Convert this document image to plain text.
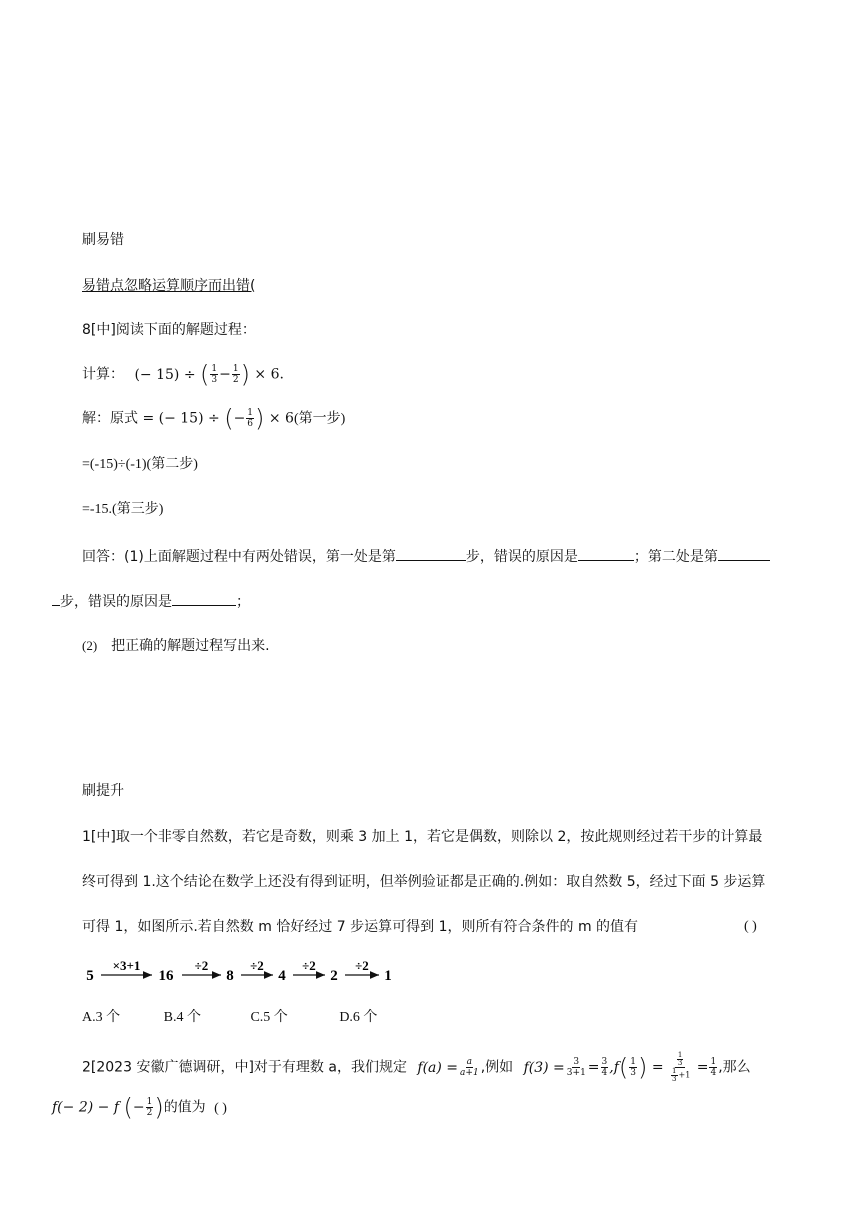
刷易错
易错点忽略运算顺序而出错(
8[中]阅读下面的解题过程：
计算： (− 15) ÷ ( $\frac{1}{3} - \frac{1}{2}$ ) × 6.
解：原式 = (− 15) ÷ (− $\frac{1}{6}$ ) × 6(第一步)
=(-15)÷(-1)(第二步)
=-15.(第三步)
回答：(1)上面解题过程中有两处错误，第一处是第	步，错误的原因是	；第二处是第
步，错误的原因是	；
(2) 把正确的解题过程写出来.
刷提升
1[中]取一个非零自然数，若它是奇数，则乘 3 加上 1，若它是偶数，则除以 2，按此规则经过若干步的计算最
终可得到 1.这个结论在数学上还没有得到证明，但举例验证都是正确的.例如：取自然数 5，经过下面 5 步运算
可得 1，如图所示.若自然数 m 恰好经过 7 步运算可得到 1，则所有符合条件的 m 的值有	( )
5	16	8	4	2	1
×3+1	÷2	÷2	÷2	÷2
A.3 个	B.4 个	C.5 个	D.6 个
2[2023 安徽广德调研，中]对于有理数 a，我们规定 $f(a) = \frac{a}{a+1}$ ,例如 $f(3) = \frac{3}{3+1} = \frac{3}{4} ,f( \frac{1}{3}$ ) = $\frac{\frac{1}{3}}{\frac{1}{3} +1} = \frac{1}{4}$ ,那么
f(− 2) − f (− $\frac{1}{2}$ )的值为 ( )
